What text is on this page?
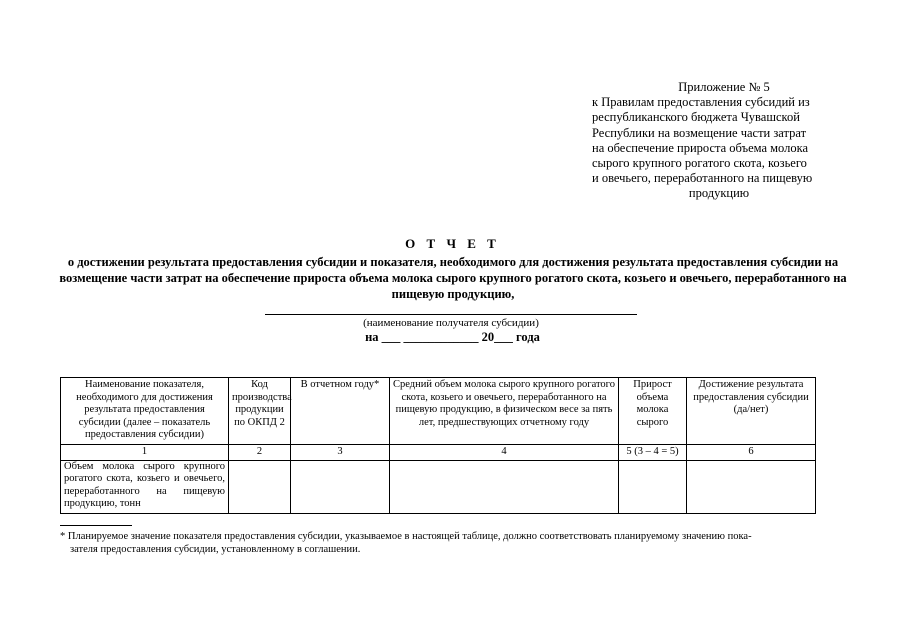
Приложение № 5
к Правилам предоставления субсидий из
республиканского бюджета Чувашской
Республики на возмещение части затрат
на обеспечение прироста объема молока
сырого крупного рогатого скота, козьего
и овечьего, переработанного на пищевую
продукцию
О Т Ч Е Т
о достижении результата предоставления субсидии и показателя, необходимого для достижения результата предоставления субсидии на возмещение части затрат на обеспечение прироста объема молока сырого крупного рогатого скота, козьего и овечьего, переработанного на пищевую продукцию,
(наименование получателя субсидии)
на ___ ____________ 20___ года
Наименование показателя, необходимого для достижения результата предоставления субсидии (далее – показатель предоставления субсидии)	Код производства продукции по ОКПД 2	В отчетном году*	Средний объем молока сырого крупного рогатого скота, козьего и овечьего, переработанного на пищевую продукцию, в физическом весе за пять лет, предшествующих отчетному году	Прирост объема молока сырого	Достижение результата предоставления субсидии (да/нет)
1	2	3	4	5 (3 – 4 = 5)	6
Объем молока сырого крупного рогатого скота, козьего и овечьего, переработанного на пищевую продукцию, тонн					
* Планируемое значение показателя предоставления субсидии, указываемое в настоящей таблице, должно соответствовать планируемому значению пока-
зателя предоставления субсидии, установленному в соглашении.
